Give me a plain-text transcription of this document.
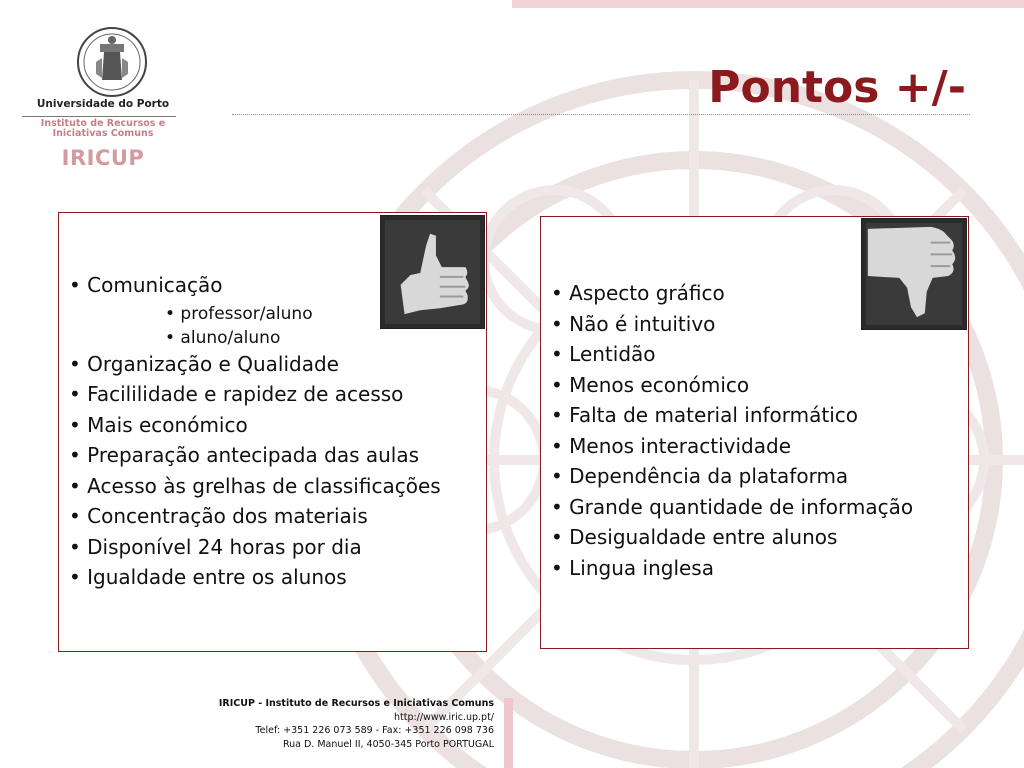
Universidade do Porto
Instituto de Recursos e
Iniciativas Comuns
IRICUP
Pontos +/-
• Comunicação
• professor/aluno
• aluno/aluno
• Organização e Qualidade
• Facililidade e rapidez de acesso
• Mais económico
• Preparação antecipada das aulas
• Acesso às grelhas de classificações
• Concentração dos materiais
• Disponível 24 horas por dia
• Igualdade entre os alunos
• Aspecto gráfico
• Não é intuitivo
• Lentidão
• Menos económico
• Falta de material informático
• Menos interactividade
• Dependência da plataforma
• Grande quantidade de informação
• Desigualdade entre alunos
• Lingua inglesa
IRICUP - Instituto de Recursos e Iniciativas Comuns
http://www.iric.up.pt/
Telef: +351 226 073 589 - Fax: +351 226 098 736
Rua D. Manuel II, 4050-345 Porto PORTUGAL
